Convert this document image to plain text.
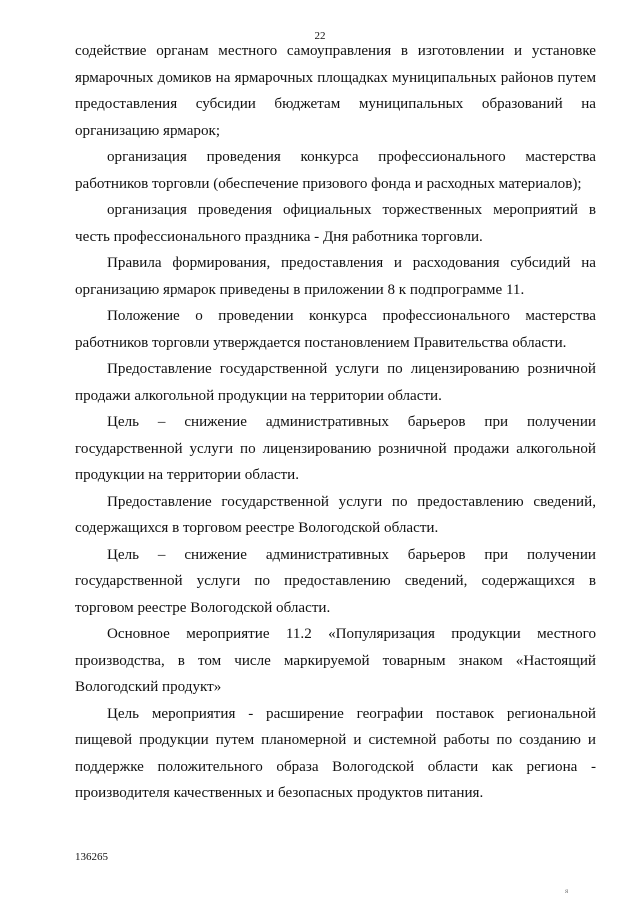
22

содействие органам местного самоуправления в изготовлении и установке ярмарочных домиков на ярмарочных площадках муниципальных районов путем предоставления субсидии бюджетам муниципальных образований на организацию ярмарок;

организация проведения конкурса профессионального мастерства работников торговли (обеспечение призового фонда и расходных материалов);

организация проведения официальных торжественных мероприятий в честь профессионального праздника - Дня работника торговли.

Правила формирования, предоставления и расходования субсидий на организацию ярмарок приведены в приложении 8 к подпрограмме 11.

Положение о проведении конкурса профессионального мастерства работников торговли утверждается постановлением Правительства области.

Предоставление государственной услуги по лицензированию розничной продажи алкогольной продукции на территории области.

Цель – снижение административных барьеров при получении государственной услуги по лицензированию розничной продажи алкогольной продукции на территории области.

Предоставление государственной услуги по предоставлению сведений, содержащихся в торговом реестре Вологодской области.

Цель – снижение административных барьеров при получении государственной услуги по предоставлению сведений, содержащихся в торговом реестре Вологодской области.

Основное мероприятие 11.2 «Популяризация продукции местного производства, в том числе маркируемой товарным знаком «Настоящий Вологодский продукт»

Цель мероприятия - расширение географии поставок региональной пищевой продукции путем планомерной и системной работы по созданию и поддержке положительного образа Вологодской области как региона - производителя качественных и безопасных продуктов питания.

136265
я
